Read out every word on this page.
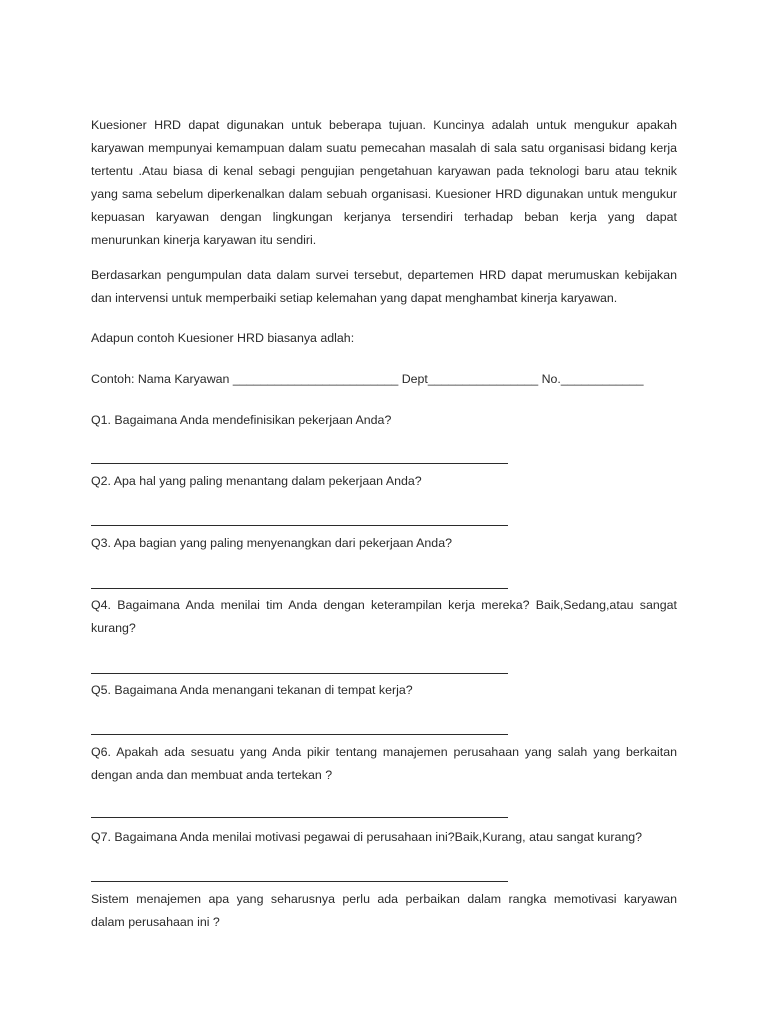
Kuesioner HRD dapat digunakan untuk beberapa tujuan. Kuncinya adalah untuk mengukur apakah
karyawan mempunyai kemampuan dalam suatu pemecahan masalah di sala satu organisasi bidang kerja
tertentu .Atau biasa di kenal sebagi pengujian pengetahuan karyawan pada teknologi baru atau teknik
yang sama sebelum diperkenalkan dalam sebuah organisasi. Kuesioner HRD digunakan untuk mengukur
kepuasan karyawan dengan lingkungan kerjanya tersendiri terhadap beban kerja yang dapat
menurunkan kinerja karyawan itu sendiri.
Berdasarkan pengumpulan data dalam survei tersebut, departemen HRD dapat merumuskan kebijakan
dan intervensi untuk memperbaiki setiap kelemahan yang dapat menghambat kinerja karyawan.
Adapun contoh Kuesioner HRD biasanya adlah:
Contoh: Nama Karyawan ________________________ Dept________________ No.____________
Q1. Bagaimana Anda mendefinisikan pekerjaan Anda?
Q2. Apa hal yang paling menantang dalam pekerjaan Anda?
Q3. Apa bagian yang paling menyenangkan dari pekerjaan Anda?
Q4. Bagaimana Anda menilai tim Anda dengan keterampilan kerja mereka? Baik,Sedang,atau sangat
kurang?
Q5. Bagaimana Anda menangani tekanan di tempat kerja?
Q6. Apakah ada sesuatu yang Anda pikir tentang manajemen perusahaan yang salah yang berkaitan
dengan anda dan membuat anda tertekan ?
Q7. Bagaimana Anda menilai motivasi pegawai di perusahaan ini?Baik,Kurang, atau sangat kurang?
Sistem menajemen apa yang seharusnya perlu ada perbaikan dalam rangka memotivasi karyawan
dalam perusahaan ini ?
